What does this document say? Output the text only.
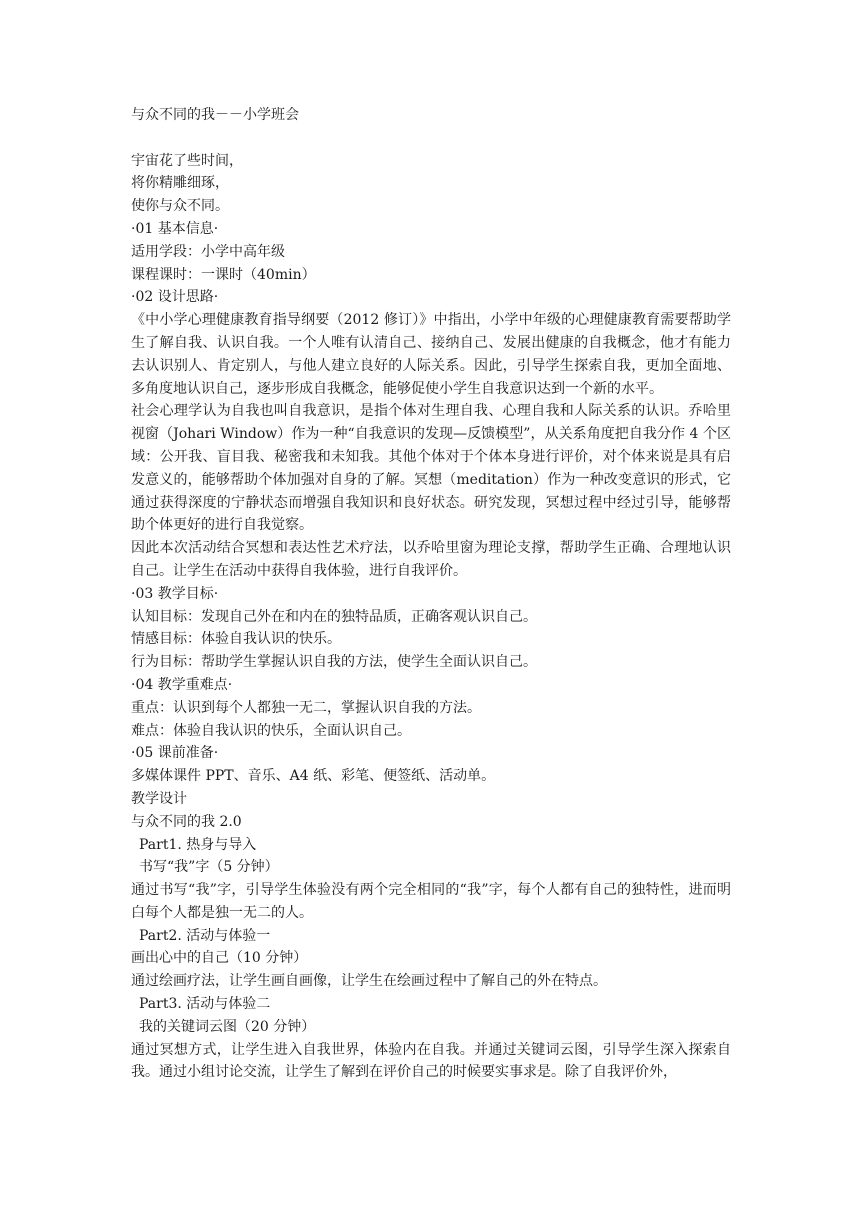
与众不同的我－－小学班会

宇宙花了些时间，

将你精雕细琢，

使你与众不同。

·01 基本信息·

适用学段：小学中高年级

课程课时：一课时（40min）

·02 设计思路·

《中小学心理健康教育指导纲要（2012 修订）》中指出，小学中年级的心理健康教育需要帮助学生了解自我、认识自我。一个人唯有认清自己、接纳自己、发展出健康的自我概念，他才有能力去认识别人、肯定别人，与他人建立良好的人际关系。因此，引导学生探索自我，更加全面地、多角度地认识自己，逐步形成自我概念，能够促使小学生自我意识达到一个新的水平。

社会心理学认为自我也叫自我意识，是指个体对生理自我、心理自我和人际关系的认识。乔哈里视窗（Johari Window）作为一种“自我意识的发现—反馈模型”，从关系角度把自我分作 4 个区域：公开我、盲目我、秘密我和未知我。其他个体对于个体本身进行评价，对个体来说是具有启发意义的，能够帮助个体加强对自身的了解。冥想（meditation）作为一种改变意识的形式，它通过获得深度的宁静状态而增强自我知识和良好状态。研究发现，冥想过程中经过引导，能够帮助个体更好的进行自我觉察。

因此本次活动结合冥想和表达性艺术疗法，以乔哈里窗为理论支撑，帮助学生正确、合理地认识自己。让学生在活动中获得自我体验，进行自我评价。

·03 教学目标·

认知目标：发现自己外在和内在的独特品质，正确客观认识自己。

情感目标：体验自我认识的快乐。

行为目标：帮助学生掌握认识自我的方法，使学生全面认识自己。

·04 教学重难点·

重点：认识到每个人都独一无二，掌握认识自我的方法。

难点：体验自我认识的快乐，全面认识自己。

·05 课前准备·

多媒体课件 PPT、音乐、A4 纸、彩笔、便签纸、活动单。

教学设计

与众不同的我 2.0

Part1. 热身与导入

书写“我”字（5 分钟）

通过书写“我”字，引导学生体验没有两个完全相同的“我”字，每个人都有自己的独特性，进而明白每个人都是独一无二的人。

Part2. 活动与体验一

画出心中的自己（10 分钟）

通过绘画疗法，让学生画自画像，让学生在绘画过程中了解自己的外在特点。

Part3. 活动与体验二

我的关键词云图（20 分钟）

通过冥想方式，让学生进入自我世界，体验内在自我。并通过关键词云图，引导学生深入探索自我。通过小组讨论交流，让学生了解到在评价自己的时候要实事求是。除了自我评价外，
